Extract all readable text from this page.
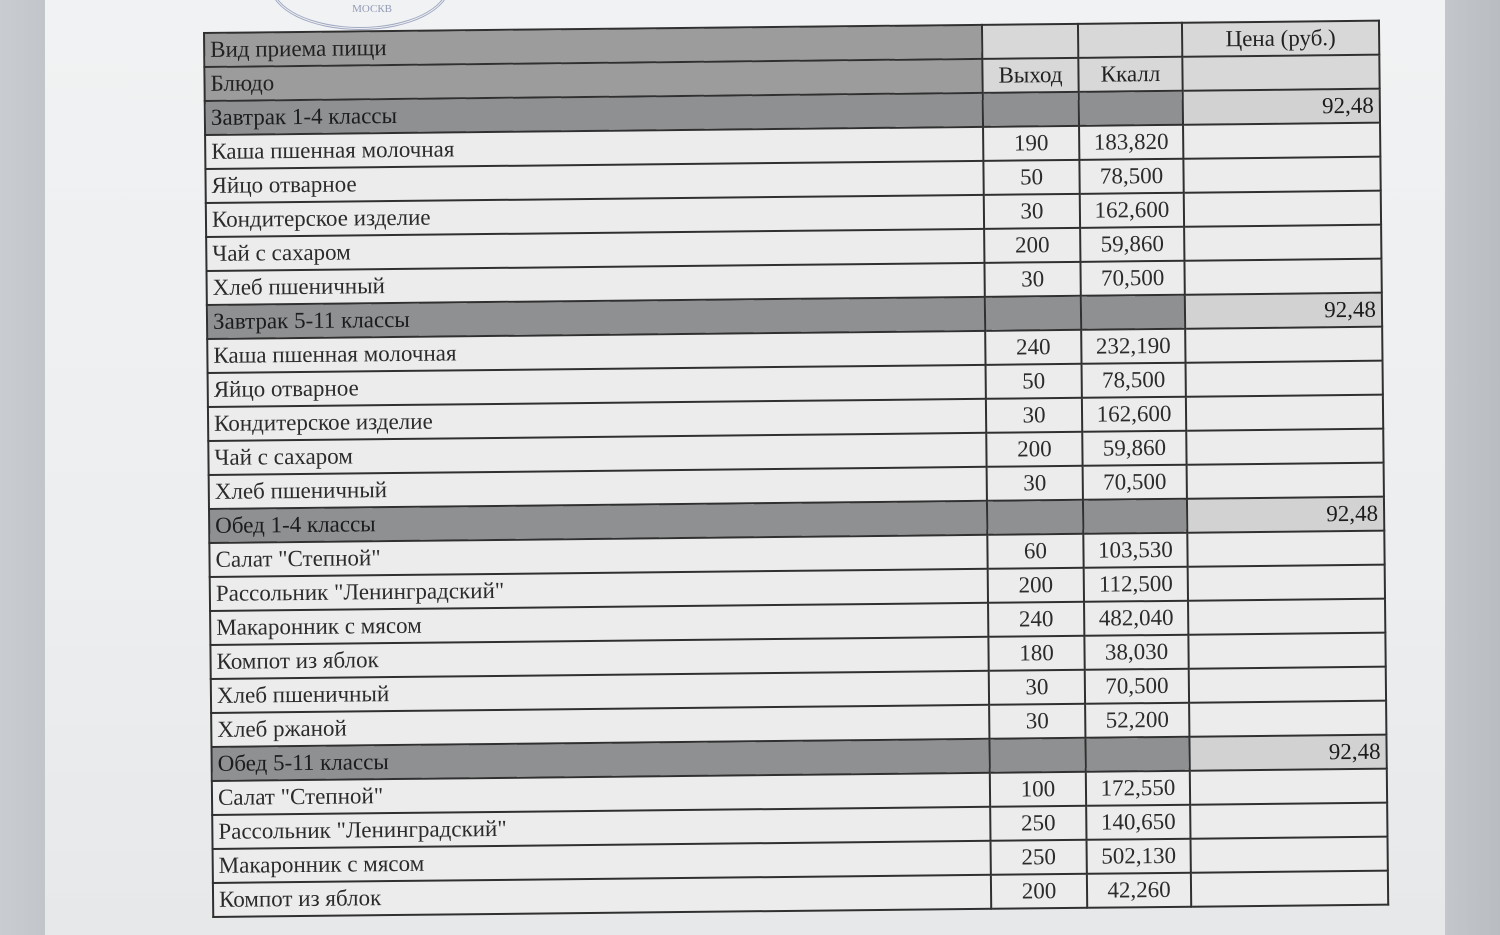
МОСКВ
Вид приема пищи			Цена (руб.)
Блюдо	Выход	Ккалл	
Завтрак 1-4 классы			92,48
Каша пшенная молочная	190	183,820	
Яйцо отварное	50	78,500	
Кондитерское изделие	30	162,600	
Чай с сахаром	200	59,860	
Хлеб пшеничный	30	70,500	
Завтрак 5-11 классы			92,48
Каша пшенная молочная	240	232,190	
Яйцо отварное	50	78,500	
Кондитерское изделие	30	162,600	
Чай с сахаром	200	59,860	
Хлеб пшеничный	30	70,500	
Обед 1-4 классы			92,48
Салат "Степной"	60	103,530	
Рассольник "Ленинградский"	200	112,500	
Макаронник с мясом	240	482,040	
Компот из яблок	180	38,030	
Хлеб пшеничный	30	70,500	
Хлеб ржаной	30	52,200	
Обед 5-11 классы			92,48
Салат "Степной"	100	172,550	
Рассольник "Ленинградский"	250	140,650	
Макаронник с мясом	250	502,130	
Компот из яблок	200	42,260	
